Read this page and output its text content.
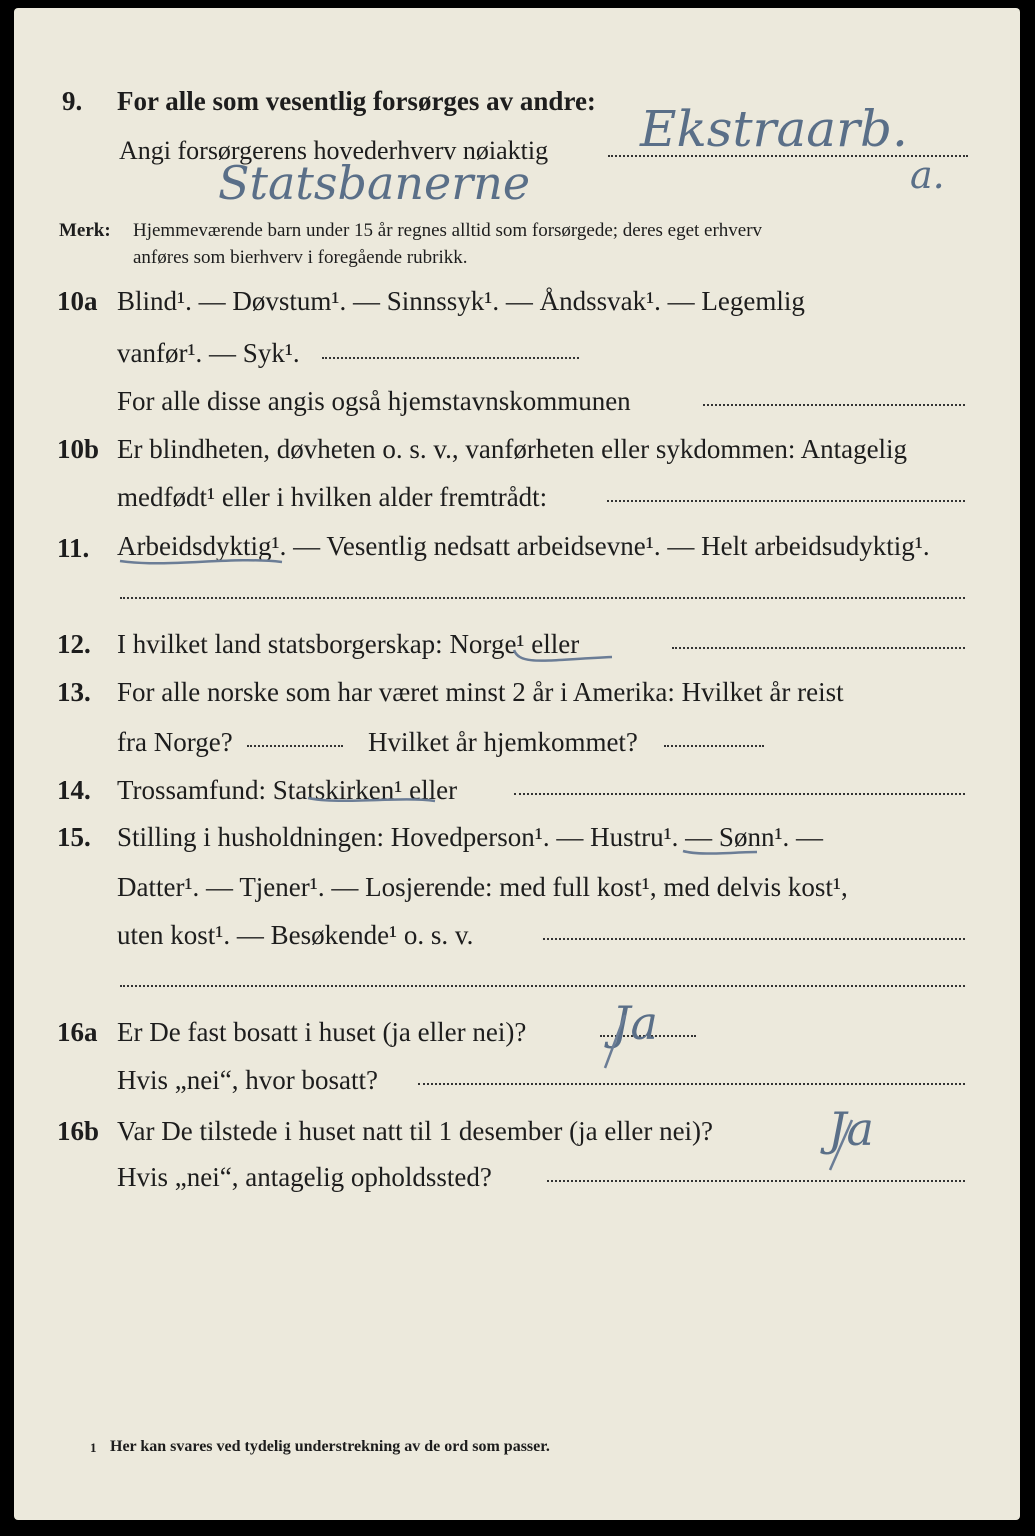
9. For alle som vesentlig forsørges av andre:
Angi forsørgerens hovederhverv nøiaktig Ekstraarb.
Statsbanerne	a.
Merk: Hjemmeværende barn under 15 år regnes alltid som forsørgede; deres eget erhverv
anføres som bierhverv i foregående rubrikk.
10a Blind¹. — Døvstum¹. — Sinnssyk¹. — Åndssvak¹. — Legemlig
vanfør¹. — Syk¹.
For alle disse angis også hjemstavnskommunen
10b Er blindheten, døvheten o. s. v., vanførheten eller sykdommen: Antagelig
medfødt¹ eller i hvilken alder fremtrådt:
11. Arbeidsdyktig¹. — Vesentlig nedsatt arbeidsevne¹. — Helt arbeidsudyktig¹.
12. I hvilket land statsborgerskap: Norge¹ eller
13. For alle norske som har været minst 2 år i Amerika: Hvilket år reist
fra Norge?	Hvilket år hjemkommet?
14. Trossamfund: Statskirken¹ eller
15. Stilling i husholdningen: Hovedperson¹. — Hustru¹. — Sønn¹. —
Datter¹. — Tjener¹. — Losjerende: med full kost¹, med delvis kost¹,
uten kost¹. — Besøkende¹ o. s. v.
16a Er De fast bosatt i huset (ja eller nei)? Ja
Hvis „nei“, hvor bosatt?
16b Var De tilstede i huset natt til 1 desember (ja eller nei)? Ja
Hvis „nei“, antagelig opholdssted?
1 Her kan svares ved tydelig understrekning av de ord som passer.
